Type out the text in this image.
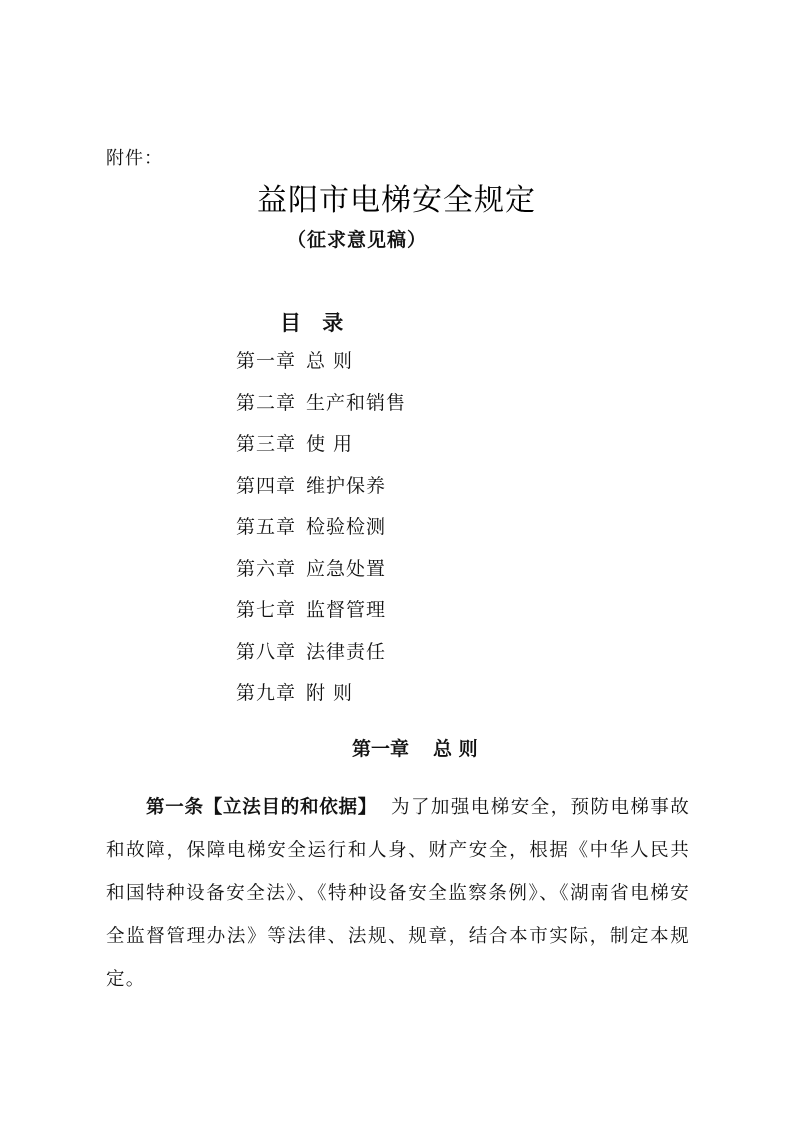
附件：
益阳市电梯安全规定
（征求意见稿）
目 录
第一章 总 则
第二章 生产和销售
第三章 使 用
第四章 维护保养
第五章 检验检测
第六章 应急处置
第七章 监督管理
第八章 法律责任
第九章 附 则
第一章 总 则

第一条【立法目的和依据】 为了加强电梯安全，预防电梯事故和故障，保障电梯安全运行和人身、财产安全，根据《中华人民共和国特种设备安全法》、《特种设备安全监察条例》、《湖南省电梯安全监督管理办法》等法律、法规、规章，结合本市实际，制定本规定。
